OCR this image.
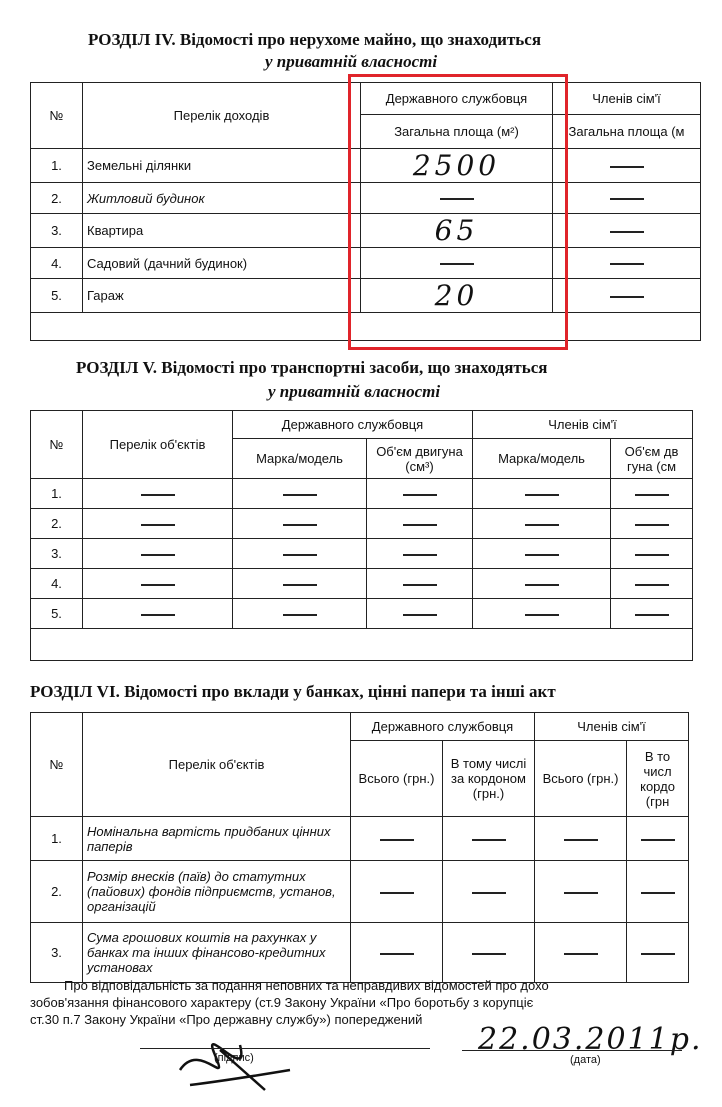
РОЗДІЛ IV. Відомості про нерухоме майно, що знаходиться
у приватній власності
№	Перелік доходів	Державного службовця	Членів сім'ї
		Загальна площа (м²)	Загальна площа (м
1.	Земельні ділянки	2500	
2.	Житловий будинок		
3.	Квартира	65	
4.	Садовий (дачний будинок)		
5.	Гараж	20	

РОЗДІЛ V. Відомості про транспортні засоби, що знаходяться
у приватній власності
№	Перелік об'єктів	Державного службовця		Членів сім'ї	
		Марка/модель	Об'єм двигуна (см³)	Марка/модель	Об'єм дв гуна (см
1.					
2.					
3.					
4.					
5.					

РОЗДІЛ VI. Відомості про вклади у банках, цінні папери та інші акт
№	Перелік об'єктів	Державного службовця		Членів сім'ї	
		Всього (грн.)	В тому числі за кордоном (грн.)	Всього (грн.)	В то числ кордо (грн
1.	Номінальна вартість придбаних цінних паперів				
2.	Розмір внесків (паїв) до статутних (пайових) фондів підприємств, установ, організацій				
3.	Сума грошових коштів на рахунках у банках та інших фінансово-кредитних установах				
Про відповідальність за подання неповних та неправдивих відомостей про дохо
зобов'язання фінансового характеру (ст.9 Закону України «Про боротьбу з корупціє
ст.30 п.7 Закону України «Про державну службу») попереджений
(підпис)
22.03.2011р.
(дата)
